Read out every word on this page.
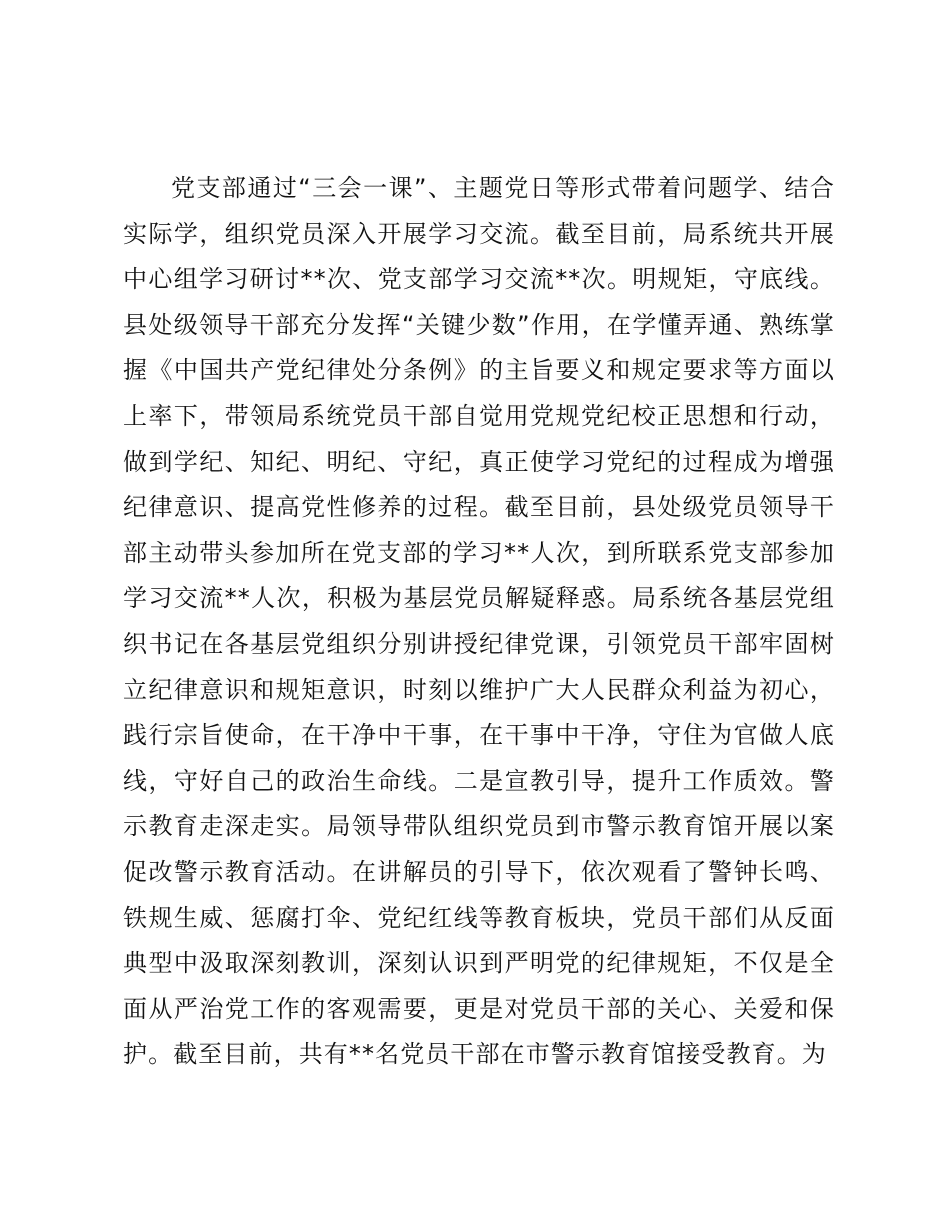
党支部通过“三会一课”、主题党日等形式带着问题学、结合实际学，组织党员深入开展学习交流。截至目前，局系统共开展中心组学习研讨**次、党支部学习交流**次。明规矩，守底线。县处级领导干部充分发挥“关键少数”作用，在学懂弄通、熟练掌握《中国共产党纪律处分条例》的主旨要义和规定要求等方面以上率下，带领局系统党员干部自觉用党规党纪校正思想和行动，做到学纪、知纪、明纪、守纪，真正使学习党纪的过程成为增强纪律意识、提高党性修养的过程。截至目前，县处级党员领导干部主动带头参加所在党支部的学习**人次，到所联系党支部参加学习交流**人次，积极为基层党员解疑释惑。局系统各基层党组织书记在各基层党组织分别讲授纪律党课，引领党员干部牢固树立纪律意识和规矩意识，时刻以维护广大人民群众利益为初心，践行宗旨使命，在干净中干事，在干事中干净，守住为官做人底线，守好自己的政治生命线。二是宣教引导，提升工作质效。警示教育走深走实。局领导带队组织党员到市警示教育馆开展以案促改警示教育活动。在讲解员的引导下，依次观看了警钟长鸣、铁规生威、惩腐打伞、党纪红线等教育板块，党员干部们从反面典型中汲取深刻教训，深刻认识到严明党的纪律规矩，不仅是全面从严治党工作的客观需要，更是对党员干部的关心、关爱和保护。截至目前，共有**名党员干部在市警示教育馆接受教育。为
